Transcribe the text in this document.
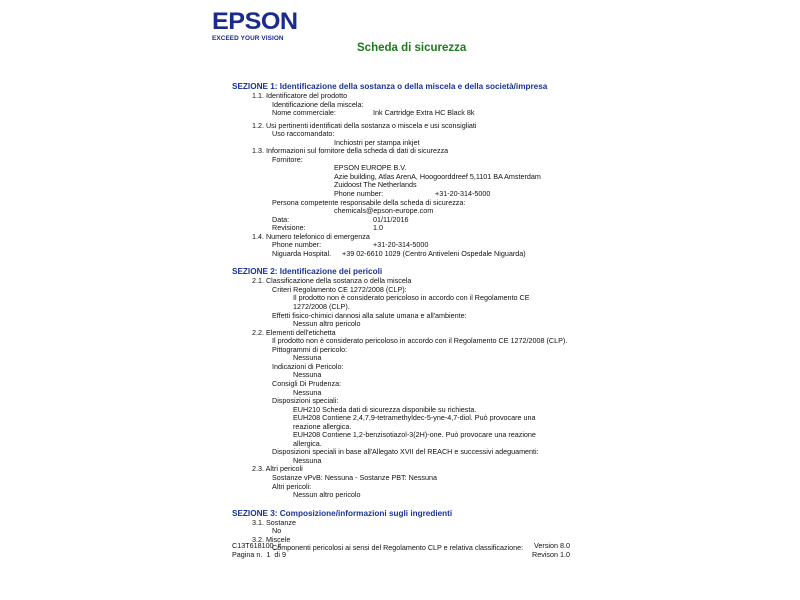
EPSON
EXCEED YOUR VISION
Scheda di sicurezza
SEZIONE 1: Identificazione della sostanza o della miscela e della società/impresa
1.1. Identificatore del prodotto
Identificazione della miscela:
Nome commerciale:	Ink Cartridge Extra HC Black 8k
1.2. Usi pertinenti identificati della sostanza o miscela e usi sconsigliati
Uso raccomandato:
Inchiostri per stampa inkjet
1.3. Informazioni sul fornitore della scheda di dati di sicurezza
Fornitore:
EPSON EUROPE B.V.
Azie building, Atlas ArenA, Hoogoorddreef 5,1101 BA Amsterdam
Zuidoost The Netherlands
Phone number:	+31-20-314-5000
Persona competente responsabile della scheda di sicurezza:
chemicals@epson-europe.com
Data:	01/11/2016
Revisione:	1.0
1.4. Numero telefonico di emergenza
Phone number:	+31-20-314-5000
Niguarda Hospital. +39 02-6610 1029 (Centro Antiveleni Ospedale Niguarda)
SEZIONE 2: Identificazione dei pericoli
2.1. Classificazione della sostanza o della miscela
Criteri Regolamento CE 1272/2008 (CLP):
Il prodotto non è considerato pericoloso in accordo con il Regolamento CE 1272/2008 (CLP).
Effetti fisico-chimici dannosi alla salute umana e all'ambiente:
Nessun altro pericolo
2.2. Elementi dell'etichetta
Il prodotto non è considerato pericoloso in accordo con il Regolamento CE 1272/2008 (CLP).
Pittogrammi di pericolo:
Nessuna
Indicazioni di Pericolo:
Nessuna
Consigli Di Prudenza:
Nessuna
Disposizioni speciali:
EUH210 Scheda dati di sicurezza disponibile su richiesta.
EUH208 Contiene 2,4,7,9-tetramethyldec-5-yne-4,7-diol. Può provocare una reazione allergica.
EUH208 Contiene 1,2-benzisotiazol-3(2H)-one. Può provocare una reazione allergica.
Disposizioni speciali in base all'Allegato XVII del REACH e successivi adeguamenti:
Nessuna
2.3. Altri pericoli
Sostanze vPvB: Nessuna - Sostanze PBT: Nessuna
Altri pericoli:
Nessun altro pericolo
SEZIONE 3: Composizione/informazioni sugli ingredienti
3.1. Sostanze
No
3.2. Miscele
Componenti pericolosi ai sensi del Regolamento CLP e relativa classificazione:
C13T618100_it	Version 8.0
Pagina n.  1  di 9	Revison 1.0
